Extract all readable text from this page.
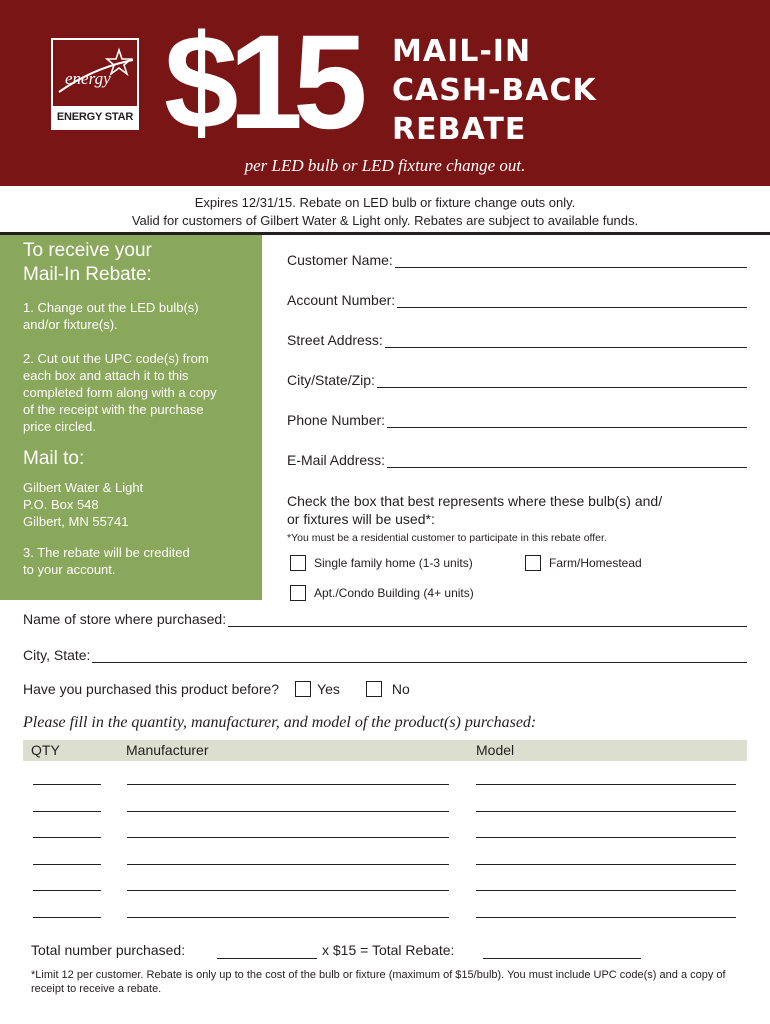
energy
ENERGY STAR $15 MAIL-IN
CASH-BACK
REBATE
per LED bulb or LED fixture change out.
Expires 12/31/15. Rebate on LED bulb or fixture change outs only.
Valid for customers of Gilbert Water & Light only. Rebates are subject to available funds.
To receive your
Mail-In Rebate:

1. Change out the LED bulb(s)

and/or fixture(s).

2. Cut out the UPC code(s) from

each box and attach it to this

completed form along with a copy

of the receipt with the purchase

price circled.

Mail to:

Gilbert Water & Light

P.O. Box 548

Gilbert, MN 55741

3. The rebate will be credited

to your account.

Customer Name:
Account Number:
Street Address:
City/State/Zip:
Phone Number:
E-Mail Address:
Check the box that best represents where these bulb(s) and/
or fixtures will be used*:
*You must be a residential customer to participate in this rebate offer.
Single family home (1-3 units)	Farm/Homestead
Apt./Condo Building (4+ units)
Name of store where purchased:
City, State:
Have you purchased this product before?	Yes	No
Please fill in the quantity, manufacturer, and model of the product(s) purchased:
QTY	Manufacturer	Model
Total number purchased:	x $15 = Total Rebate:
*Limit 12 per customer. Rebate is only up to the cost of the bulb or fixture (maximum of $15/bulb). You must include UPC code(s) and a copy of receipt to receive a rebate.
